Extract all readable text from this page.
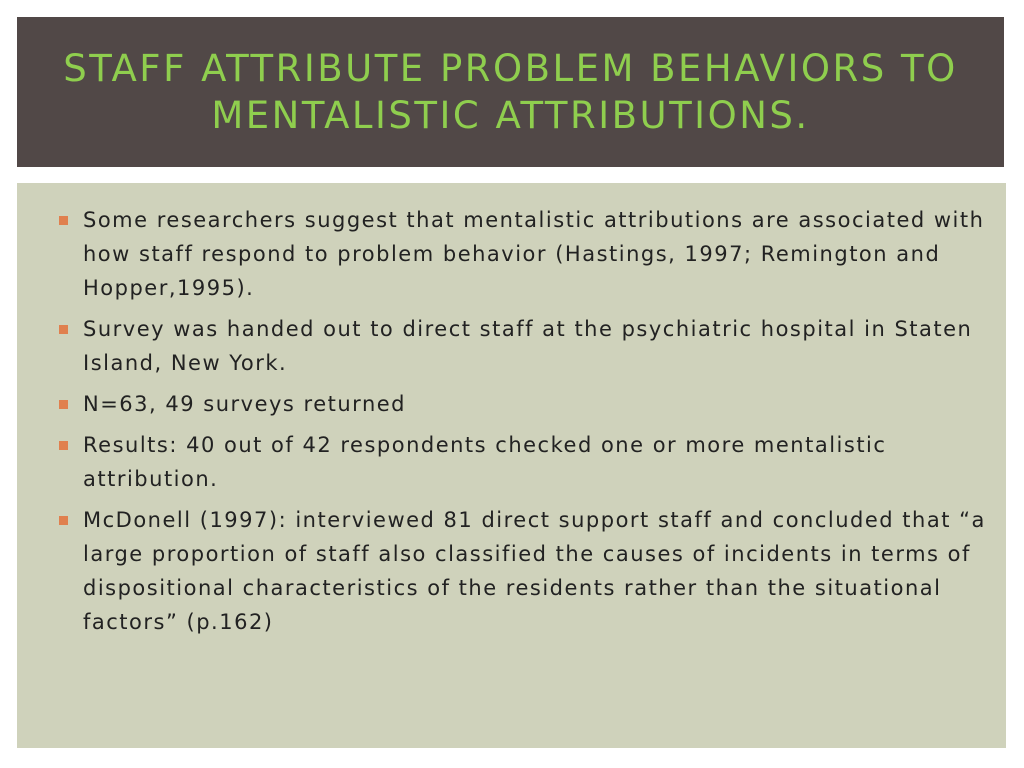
STAFF ATTRIBUTE PROBLEM BEHAVIORS TO MENTALISTIC ATTRIBUTIONS.
Some researchers suggest that mentalistic attributions are associated with how staff respond to problem behavior (Hastings, 1997; Remington and Hopper,1995).
Survey was handed out to direct staff at the psychiatric hospital in Staten Island, New York.
N=63, 49 surveys returned
Results: 40 out of 42 respondents checked one or more mentalistic attribution.
McDonell (1997): interviewed 81 direct support staff and concluded that “a large proportion of staff also classified the causes of incidents in terms of dispositional characteristics of the residents rather than the situational factors” (p.162)
